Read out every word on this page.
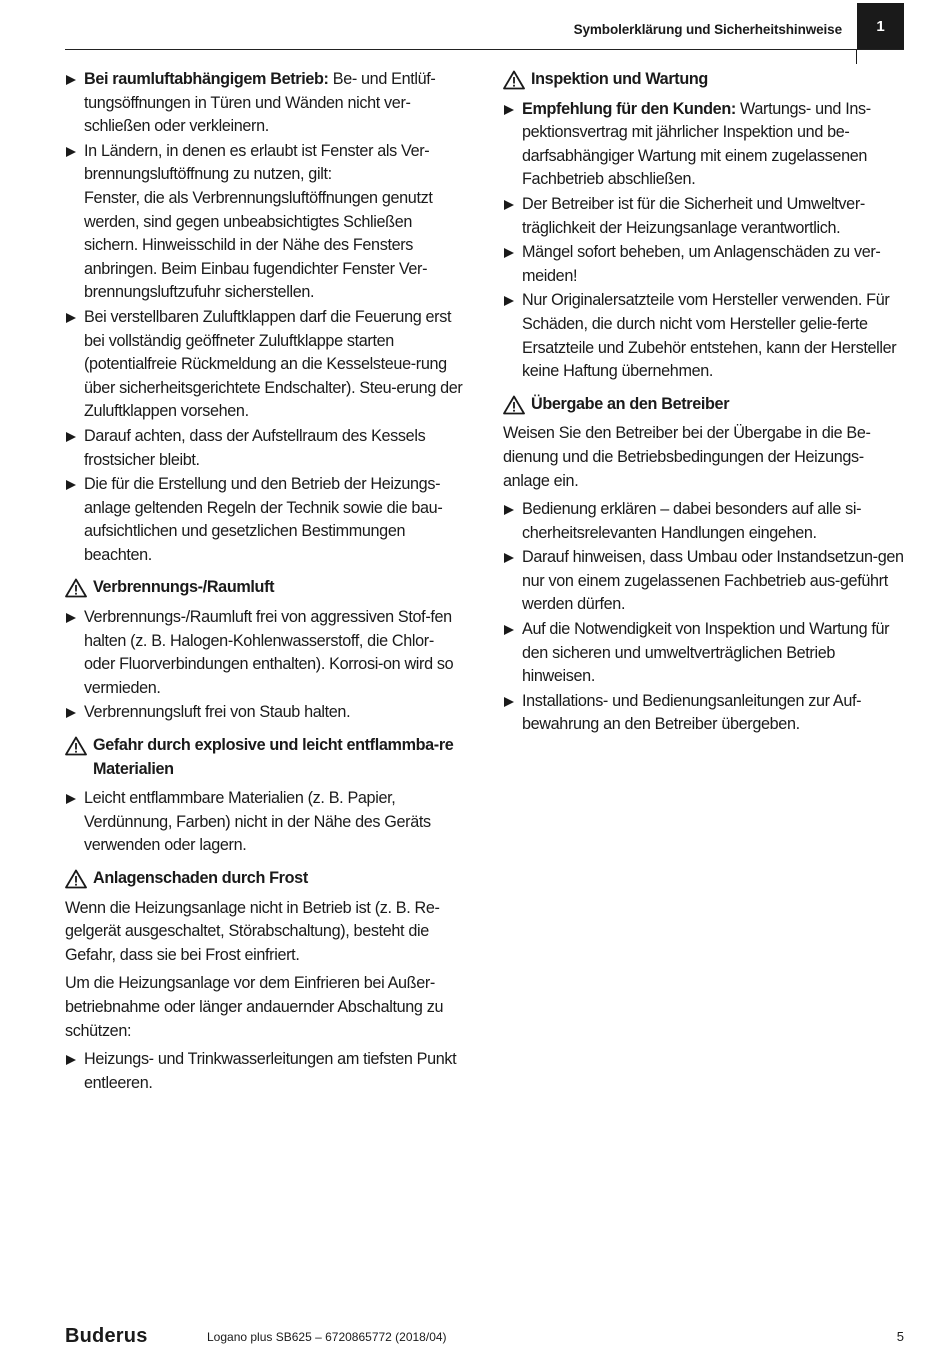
Symbolerklärung und Sicherheitshinweise	1
Bei raumluftabhängigem Betrieb: Be- und Entlüf-tungsöffnungen in Türen und Wänden nicht ver-schließen oder verkleinern.
In Ländern, in denen es erlaubt ist Fenster als Ver-brennungsluftöffnung zu nutzen, gilt:
Fenster, die als Verbrennungsluftöffnungen genutzt werden, sind gegen unbeabsichtigtes Schließen sichern. Hinweisschild in der Nähe des Fensters anbringen. Beim Einbau fugendichter Fenster Ver-brennungsluftzufuhr sicherstellen.
Bei verstellbaren Zuluftklappen darf die Feuerung erst bei vollständig geöffneter Zuluftklappe starten (potentialfreie Rückmeldung an die Kesselsteue-rung über sicherheitsgerichtete Endschalter). Steu-erung der Zuluftklappen vorsehen.
Darauf achten, dass der Aufstellraum des Kessels frostsicher bleibt.
Die für die Erstellung und den Betrieb der Heizungs-anlage geltenden Regeln der Technik sowie die bau-aufsichtlichen und gesetzlichen Bestimmungen beachten.
Verbrennungs-/Raumluft
Verbrennungs-/Raumluft frei von aggressiven Stof-fen halten (z. B. Halogen-Kohlenwasserstoff, die Chlor- oder Fluorverbindungen enthalten). Korrosi-on wird so vermieden.
Verbrennungsluft frei von Staub halten.
Gefahr durch explosive und leicht entflammba-re Materialien
Leicht entflammbare Materialien (z. B. Papier, Verdünnung, Farben) nicht in der Nähe des Geräts verwenden oder lagern.
Anlagenschaden durch Frost
Wenn die Heizungsanlage nicht in Betrieb ist (z. B. Re-gelgerät ausgeschaltet, Störabschaltung), besteht die Gefahr, dass sie bei Frost einfriert.
Um die Heizungsanlage vor dem Einfrieren bei Außer-betriebnahme oder länger andauernder Abschaltung zu schützen:
Heizungs- und Trinkwasserleitungen am tiefsten Punkt entleeren.
Inspektion und Wartung
Empfehlung für den Kunden: Wartungs- und Ins-pektionsvertrag mit jährlicher Inspektion und be-darfsabhängiger Wartung mit einem zugelassenen Fachbetrieb abschließen.
Der Betreiber ist für die Sicherheit und Umweltver-träglichkeit der Heizungsanlage verantwortlich.
Mängel sofort beheben, um Anlagenschäden zu ver-meiden!
Nur Originalersatzteile vom Hersteller verwenden. Für Schäden, die durch nicht vom Hersteller gelie-ferte Ersatzteile und Zubehör entstehen, kann der Hersteller keine Haftung übernehmen.
Übergabe an den Betreiber
Weisen Sie den Betreiber bei der Übergabe in die Be-dienung und die Betriebsbedingungen der Heizungs-anlage ein.
Bedienung erklären – dabei besonders auf alle si-cherheitsrelevanten Handlungen eingehen.
Darauf hinweisen, dass Umbau oder Instandsetzun-gen nur von einem zugelassenen Fachbetrieb aus-geführt werden dürfen.
Auf die Notwendigkeit von Inspektion und Wartung für den sicheren und umweltverträglichen Betrieb hinweisen.
Installations- und Bedienungsanleitungen zur Auf-bewahrung an den Betreiber übergeben.
Buderus	Logano plus SB625 – 6720865772 (2018/04)	5
